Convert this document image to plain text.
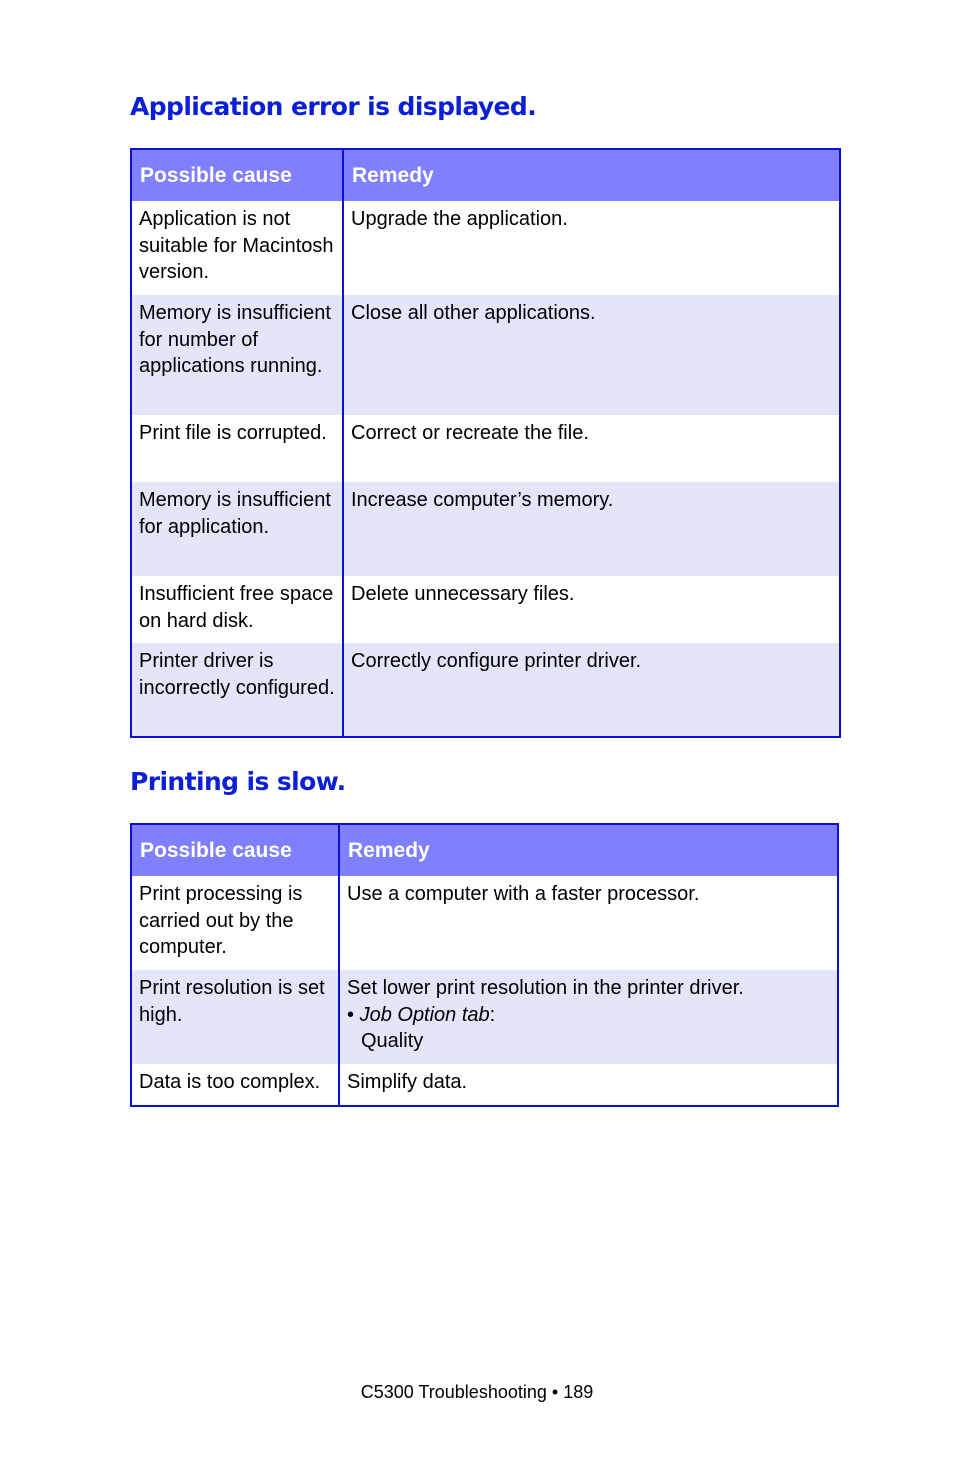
Application error is displayed.
Possible cause	Remedy
Application is not suitable for Macintosh version.	Upgrade the application.
Memory is insufficient for number of applications running.	Close all other applications.
Print file is corrupted.	Correct or recreate the file.
Memory is insufficient for application.	Increase computer’s memory.
Insufficient free space on hard disk.	Delete unnecessary files.
Printer driver is incorrectly configured.	Correctly configure printer driver.
Printing is slow.
Possible cause	Remedy
Print processing is carried out by the computer.	Use a computer with a faster processor.
Print resolution is set high.	Set lower print resolution in the printer driver.
• Job Option tab:
Quality

Data is too complex.	Simplify data.
C5300 Troubleshooting • 189
